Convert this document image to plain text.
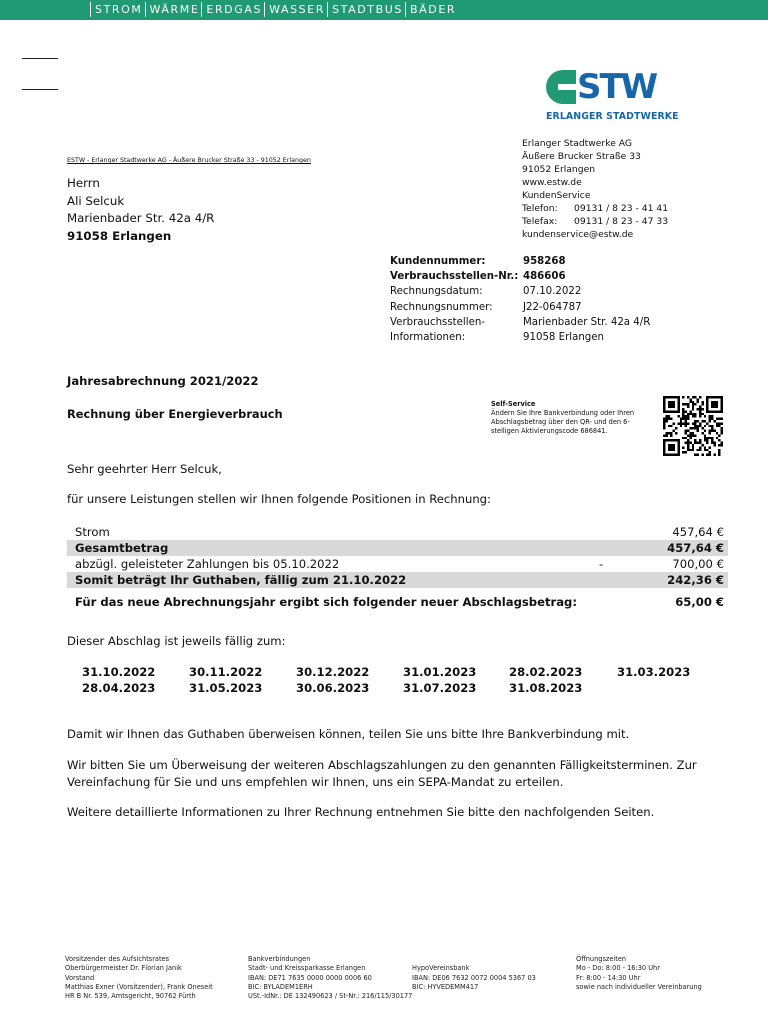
STROM WÄRME ERDGAS WASSER STADTBUS BÄDER
STW
ERLANGER STADTWERKE
Erlanger Stadtwerke AG
Äußere Brucker Straße 33
91052 Erlangen
www.estw.de
KundenService
Telefon:	09131 / 8 23 - 41 41
Telefax:	09131 / 8 23 - 47 33
kundenservice@estw.de
ESTW - Erlanger Stadtwerke AG - Äußere Brucker Straße 33 - 91052 Erlangen
Herrn
Ali Selcuk
Marienbader Str. 42a 4/R
91058 Erlangen
Kundennummer:	958268
Verbrauchsstellen-Nr.: 486606
Rechnungsdatum:	07.10.2022
Rechnungsnummer:	J22-064787
Verbrauchsstellen-	Marienbader Str. 42a 4/R
Informationen:	91058 Erlangen
Jahresabrechnung 2021/2022
Rechnung über Energieverbrauch
Self-Service
Ändern Sie Ihre Bankverbindung oder Ihren Abschlagsbetrag über den QR- und den 6-stelligen Aktivierungscode 686841.
Sehr geehrter Herr Selcuk,
für unsere Leistungen stellen wir Ihnen folgende Positionen in Rechnung:
Strom	457,64 €
Gesamtbetrag	457,64 €
abzügl. geleisteter Zahlungen bis 05.10.2022	-	700,00 €
Somit beträgt Ihr Guthaben, fällig zum 21.10.2022	242,36 €
Für das neue Abrechnungsjahr ergibt sich folgender neuer Abschlagsbetrag:	65,00 €
Dieser Abschlag ist jeweils fällig zum:
31.10.2022	30.11.2022	30.12.2022	31.01.2023	28.02.2023	31.03.2023
28.04.2023	31.05.2023	30.06.2023	31.07.2023	31.08.2023
Damit wir Ihnen das Guthaben überweisen können, teilen Sie uns bitte Ihre Bankverbindung mit.
Wir bitten Sie um Überweisung der weiteren Abschlagszahlungen zu den genannten Fälligkeitsterminen. Zur
Vereinfachung für Sie und uns empfehlen wir Ihnen, uns ein SEPA-Mandat zu erteilen.
Weitere detaillierte Informationen zu Ihrer Rechnung entnehmen Sie bitte den nachfolgenden Seiten.
Vorsitzender des Aufsichtsrates
Oberbürgermeister Dr. Florian Janik
Vorstand
Matthias Exner (Vorsitzender), Frank Oneseit
HR B Nr. 539, Amtsgericht, 90762 Fürth
Bankverbindungen
Stadt- und Kreissparkasse Erlangen
IBAN: DE71 7635 0000 0000 0006 60
BIC: BYLADEM1ERH
USt.-IdNr.: DE 132490623 / St-Nr.: 216/115/30177
HypoVereinsbank
IBAN: DE06 7632 0072 0004 5367 03
BIC: HYVEDEMM417
Öffnungszeiten
Mo - Do: 8:00 - 16:30 Uhr
Fr: 8:00 - 14:30 Uhr
sowie nach individueller Vereinbarung
